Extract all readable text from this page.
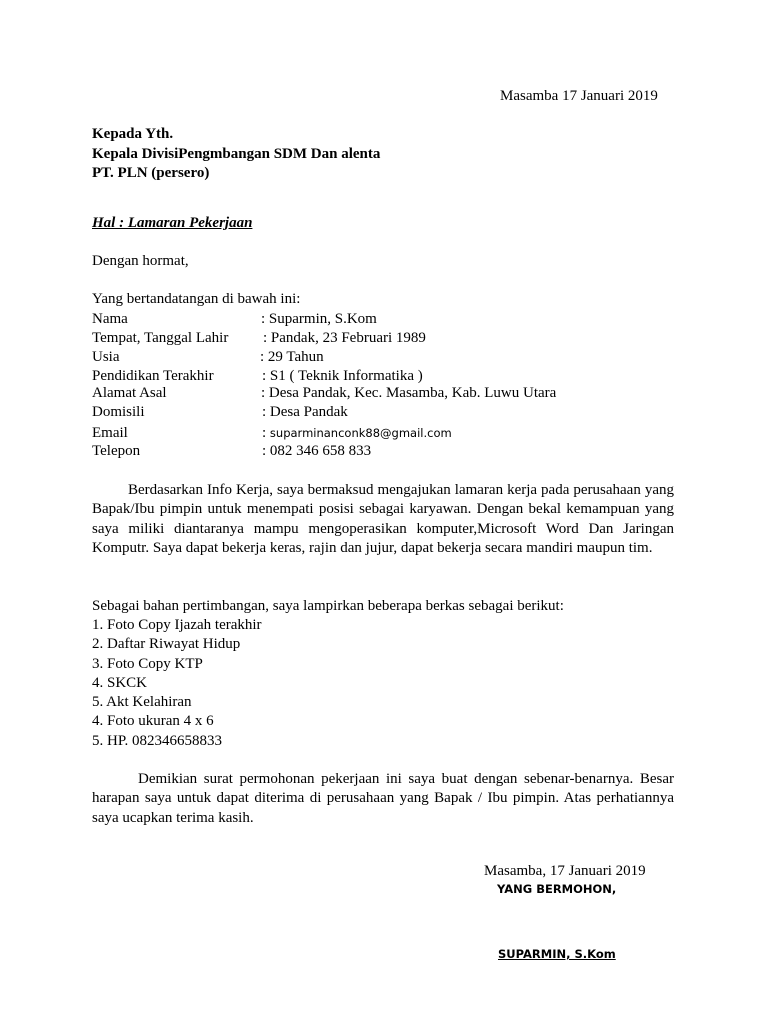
Masamba 17 Januari 2019
Kepada Yth.
Kepala DivisiPengmbangan SDM Dan alenta
PT. PLN (persero)
Hal : Lamaran Pekerjaan
Dengan hormat,
Yang bertandatangan di bawah ini:
Nama	: Suparmin, S.Kom
Tempat, Tanggal Lahir : Pandak, 23 Februari 1989
Usia	: 29 Tahun
Pendidikan Terakhir	: S1 ( Teknik Informatika )
Alamat Asal	: Desa Pandak, Kec. Masamba, Kab. Luwu Utara
Domisili	: Desa Pandak
Email	: suparminanconk88@gmail.com
Telepon	: 082 346 658 833
Berdasarkan Info Kerja, saya bermaksud mengajukan lamaran kerja pada perusahaan yang Bapak/Ibu pimpin untuk menempati posisi sebagai karyawan. Dengan bekal kemampuan yang saya miliki diantaranya mampu mengoperasikan komputer,Microsoft Word Dan Jaringan Komputr. Saya dapat bekerja keras, rajin dan jujur, dapat bekerja secara mandiri maupun tim.
Sebagai bahan pertimbangan, saya lampirkan beberapa berkas sebagai berikut:
1. Foto Copy Ijazah terakhir
2. Daftar Riwayat Hidup
3. Foto Copy KTP
4. SKCK
5. Akt Kelahiran
4. Foto ukuran 4 x 6
5. HP. 082346658833
Demikian surat permohonan pekerjaan ini saya buat dengan sebenar-benarnya. Besar harapan saya untuk dapat diterima di perusahaan yang Bapak / Ibu pimpin. Atas perhatiannya saya ucapkan terima kasih.
Masamba, 17 Januari 2019
YANG BERMOHON,
SUPARMIN, S.Kom
